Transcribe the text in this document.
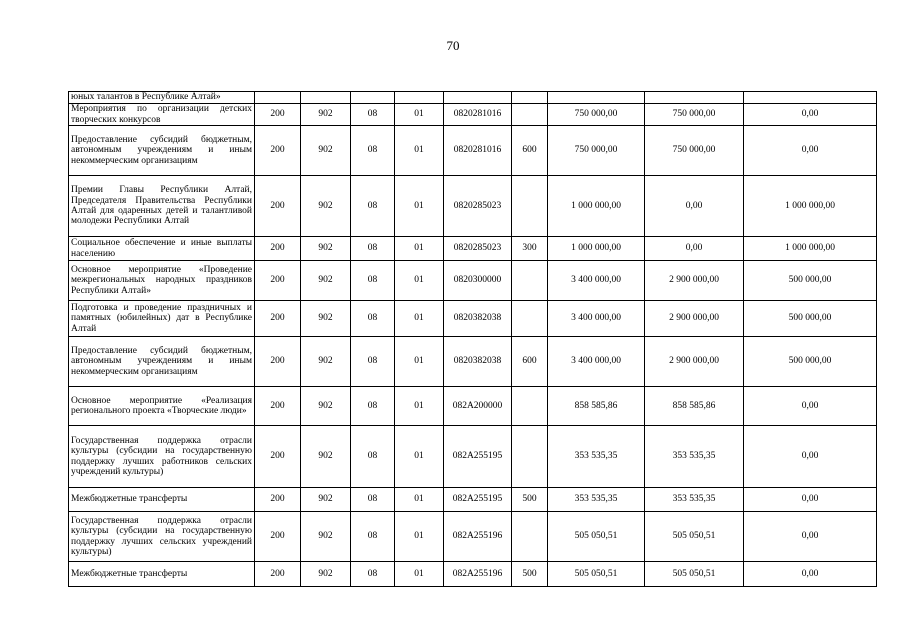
70
юных талантов в Республике Алтай»									
Мероприятия по организации детских творческих конкурсов	200	902	08	01	0820281016		750 000,00	750 000,00	0,00
Предоставление субсидий бюджетным, автономным учреждениям и иным некоммерческим организациям	200	902	08	01	0820281016	600	750 000,00	750 000,00	0,00
Премии Главы Республики Алтай, Председателя Правительства Республики Алтай для одаренных детей и талантливой молодежи Республики Алтай	200	902	08	01	0820285023		1 000 000,00	0,00	1 000 000,00
Социальное обеспечение и иные выплаты населению	200	902	08	01	0820285023	300	1 000 000,00	0,00	1 000 000,00
Основное мероприятие «Проведение межрегиональных народных праздников Республики Алтай»	200	902	08	01	0820300000		3 400 000,00	2 900 000,00	500 000,00
Подготовка и проведение праздничных и памятных (юбилейных) дат в Республике Алтай	200	902	08	01	0820382038		3 400 000,00	2 900 000,00	500 000,00
Предоставление субсидий бюджетным, автономным учреждениям и иным некоммерческим организациям	200	902	08	01	0820382038	600	3 400 000,00	2 900 000,00	500 000,00
Основное мероприятие «Реализация регионального проекта «Творческие люди»	200	902	08	01	082А200000		858 585,86	858 585,86	0,00
Государственная поддержка отрасли культуры (субсидии на государственную поддержку лучших работников сельских учреждений культуры)	200	902	08	01	082А255195		353 535,35	353 535,35	0,00
Межбюджетные трансферты	200	902	08	01	082А255195	500	353 535,35	353 535,35	0,00
Государственная поддержка отрасли культуры (субсидии на государственную поддержку лучших сельских учреждений культуры)	200	902	08	01	082А255196		505 050,51	505 050,51	0,00
Межбюджетные трансферты	200	902	08	01	082А255196	500	505 050,51	505 050,51	0,00
